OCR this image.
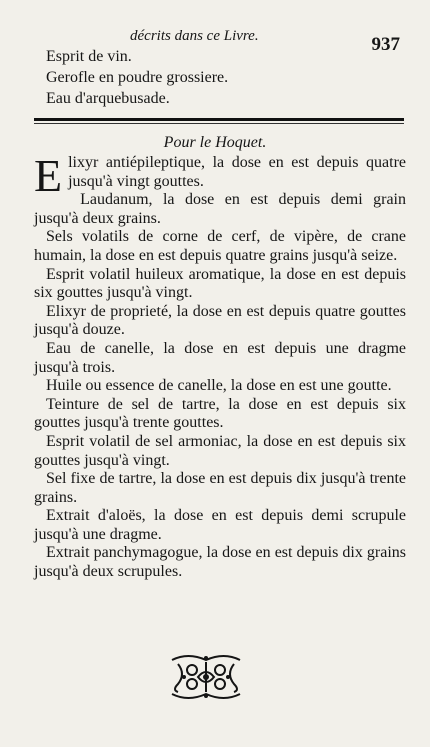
décrits dans ce Livre.	937
Esprit de vin.
Gerofle en poudre grossiere.
Eau d'arquebusade.
Pour le Hoquet.

Elixyr antiépileptique, la dose en est depuis quatre jusqu'à vingt gouttes.

Laudanum, la dose en est depuis demi grain jusqu'à deux grains.

Sels volatils de corne de cerf, de vipère, de crane humain, la dose en est depuis quatre grains jusqu'à seize.

Esprit volatil huileux aromatique, la dose en est depuis six gouttes jusqu'à vingt.

Elixyr de proprieté, la dose en est depuis quatre gouttes jusqu'à douze.

Eau de canelle, la dose en est depuis une dragme jusqu'à trois.

Huile ou essence de canelle, la dose en est une goutte.

Teinture de sel de tartre, la dose en est depuis six gouttes jusqu'à trente gouttes.

Esprit volatil de sel armoniac, la dose en est depuis six gouttes jusqu'à vingt.

Sel fixe de tartre, la dose en est depuis dix jusqu'à trente grains.

Extrait d'aloës, la dose en est depuis demi scrupule jusqu'à une dragme.

Extrait panchymagogue, la dose en est depuis dix grains jusqu'à deux scrupules.
